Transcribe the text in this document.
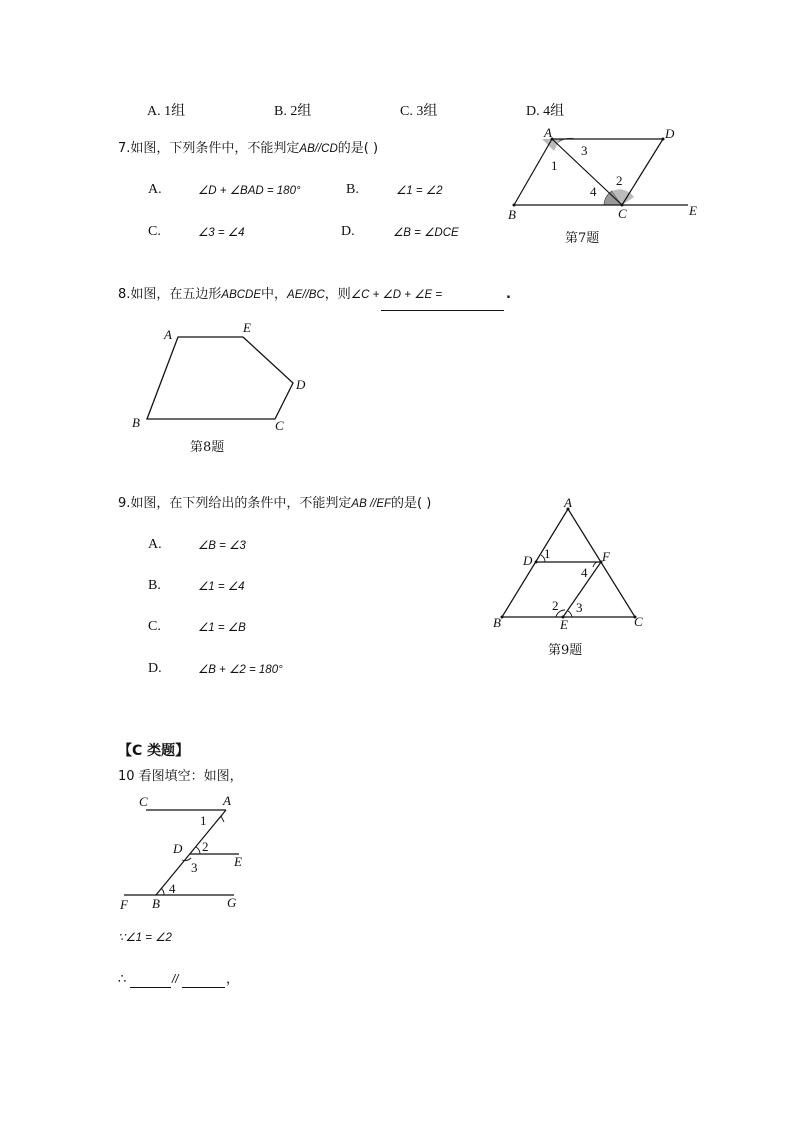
A. 1组	B. 2组	C. 3组	D. 4组
7.如图，下列条件中，不能判定AB//CD的是( )
A.	∠D + ∠BAD = 180°	B.	∠1 = ∠2
C.	∠3 = ∠4	D.	∠B = ∠DCE
A	D
B	C	E
1
2
3
4
第7题
8.如图，在五边形ABCDE中，AE//BC，则∠C + ∠D + ∠E =	.
A	E
D
C
B
第8题
9.如图，在下列给出的条件中，不能判定AB //EF的是( )
A.	∠B = ∠3
B.	∠1 = ∠4
C.	∠1 = ∠B
D.	∠B + ∠2 = 180°
A
D	F
B	E	C
1
2 3
4
第9题
【C 类题】
10 看图填空：如图，
C	A
D
E
F B	G
1
2
3
4
∵∠1 = ∠2
∴	//	，
